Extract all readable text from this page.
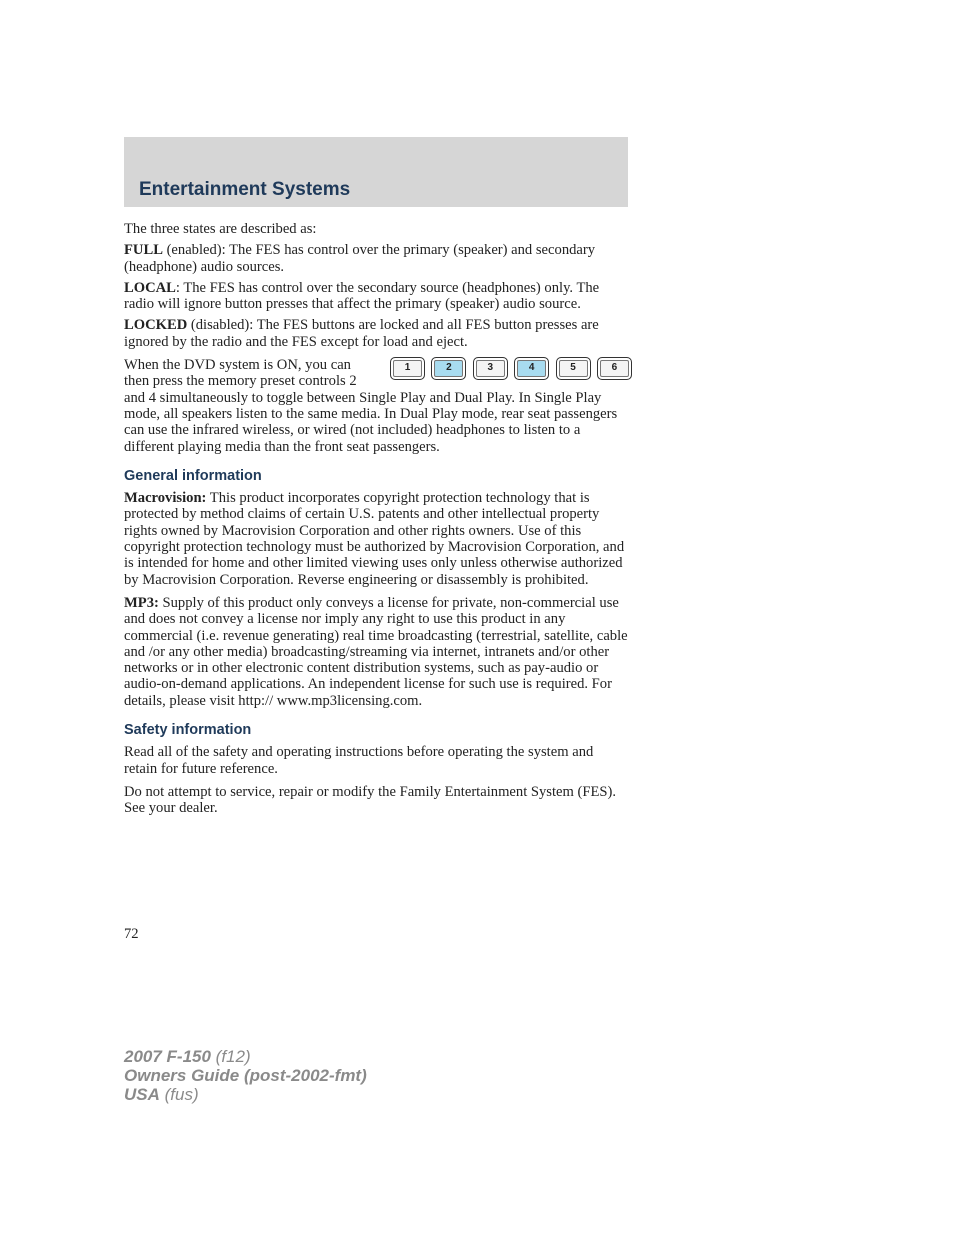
Entertainment Systems

The three states are described as:

FULL (enabled): The FES has control over the primary (speaker) and secondary (headphone) audio sources.

LOCAL: The FES has control over the secondary source (headphones) only. The radio will ignore button presses that affect the primary (speaker) audio source.

LOCKED (disabled): The FES buttons are locked and all FES button presses are ignored by the radio and the FES except for load and eject.

1	2	3	4	5	6

When the DVD system is ON, you can then press the memory preset controls 2 and 4 simultaneously to toggle between Single Play and Dual Play. In Single Play mode, all speakers listen to the same media. In Dual Play mode, rear seat passengers can use the infrared wireless, or wired (not included) headphones to listen to a different playing media than the front seat passengers.

General information

Macrovision: This product incorporates copyright protection technology that is protected by method claims of certain U.S. patents and other intellectual property rights owned by Macrovision Corporation and other rights owners. Use of this copyright protection technology must be authorized by Macrovision Corporation, and is intended for home and other limited viewing uses only unless otherwise authorized by Macrovision Corporation. Reverse engineering or disassembly is prohibited.

MP3: Supply of this product only conveys a license for private, non-commercial use and does not convey a license nor imply any right to use this product in any commercial (i.e. revenue generating) real time broadcasting (terrestrial, satellite, cable and /or any other media) broadcasting/streaming via internet, intranets and/or other networks or in other electronic content distribution systems, such as pay-audio or audio-on-demand applications. An independent license for such use is required. For details, please visit http:// www.mp3licensing.com.

Safety information

Read all of the safety and operating instructions before operating the system and retain for future reference.

Do not attempt to service, repair or modify the Family Entertainment System (FES). See your dealer.

72
2007 F-150 (f12)
Owners Guide (post-2002-fmt)
USA (fus)
